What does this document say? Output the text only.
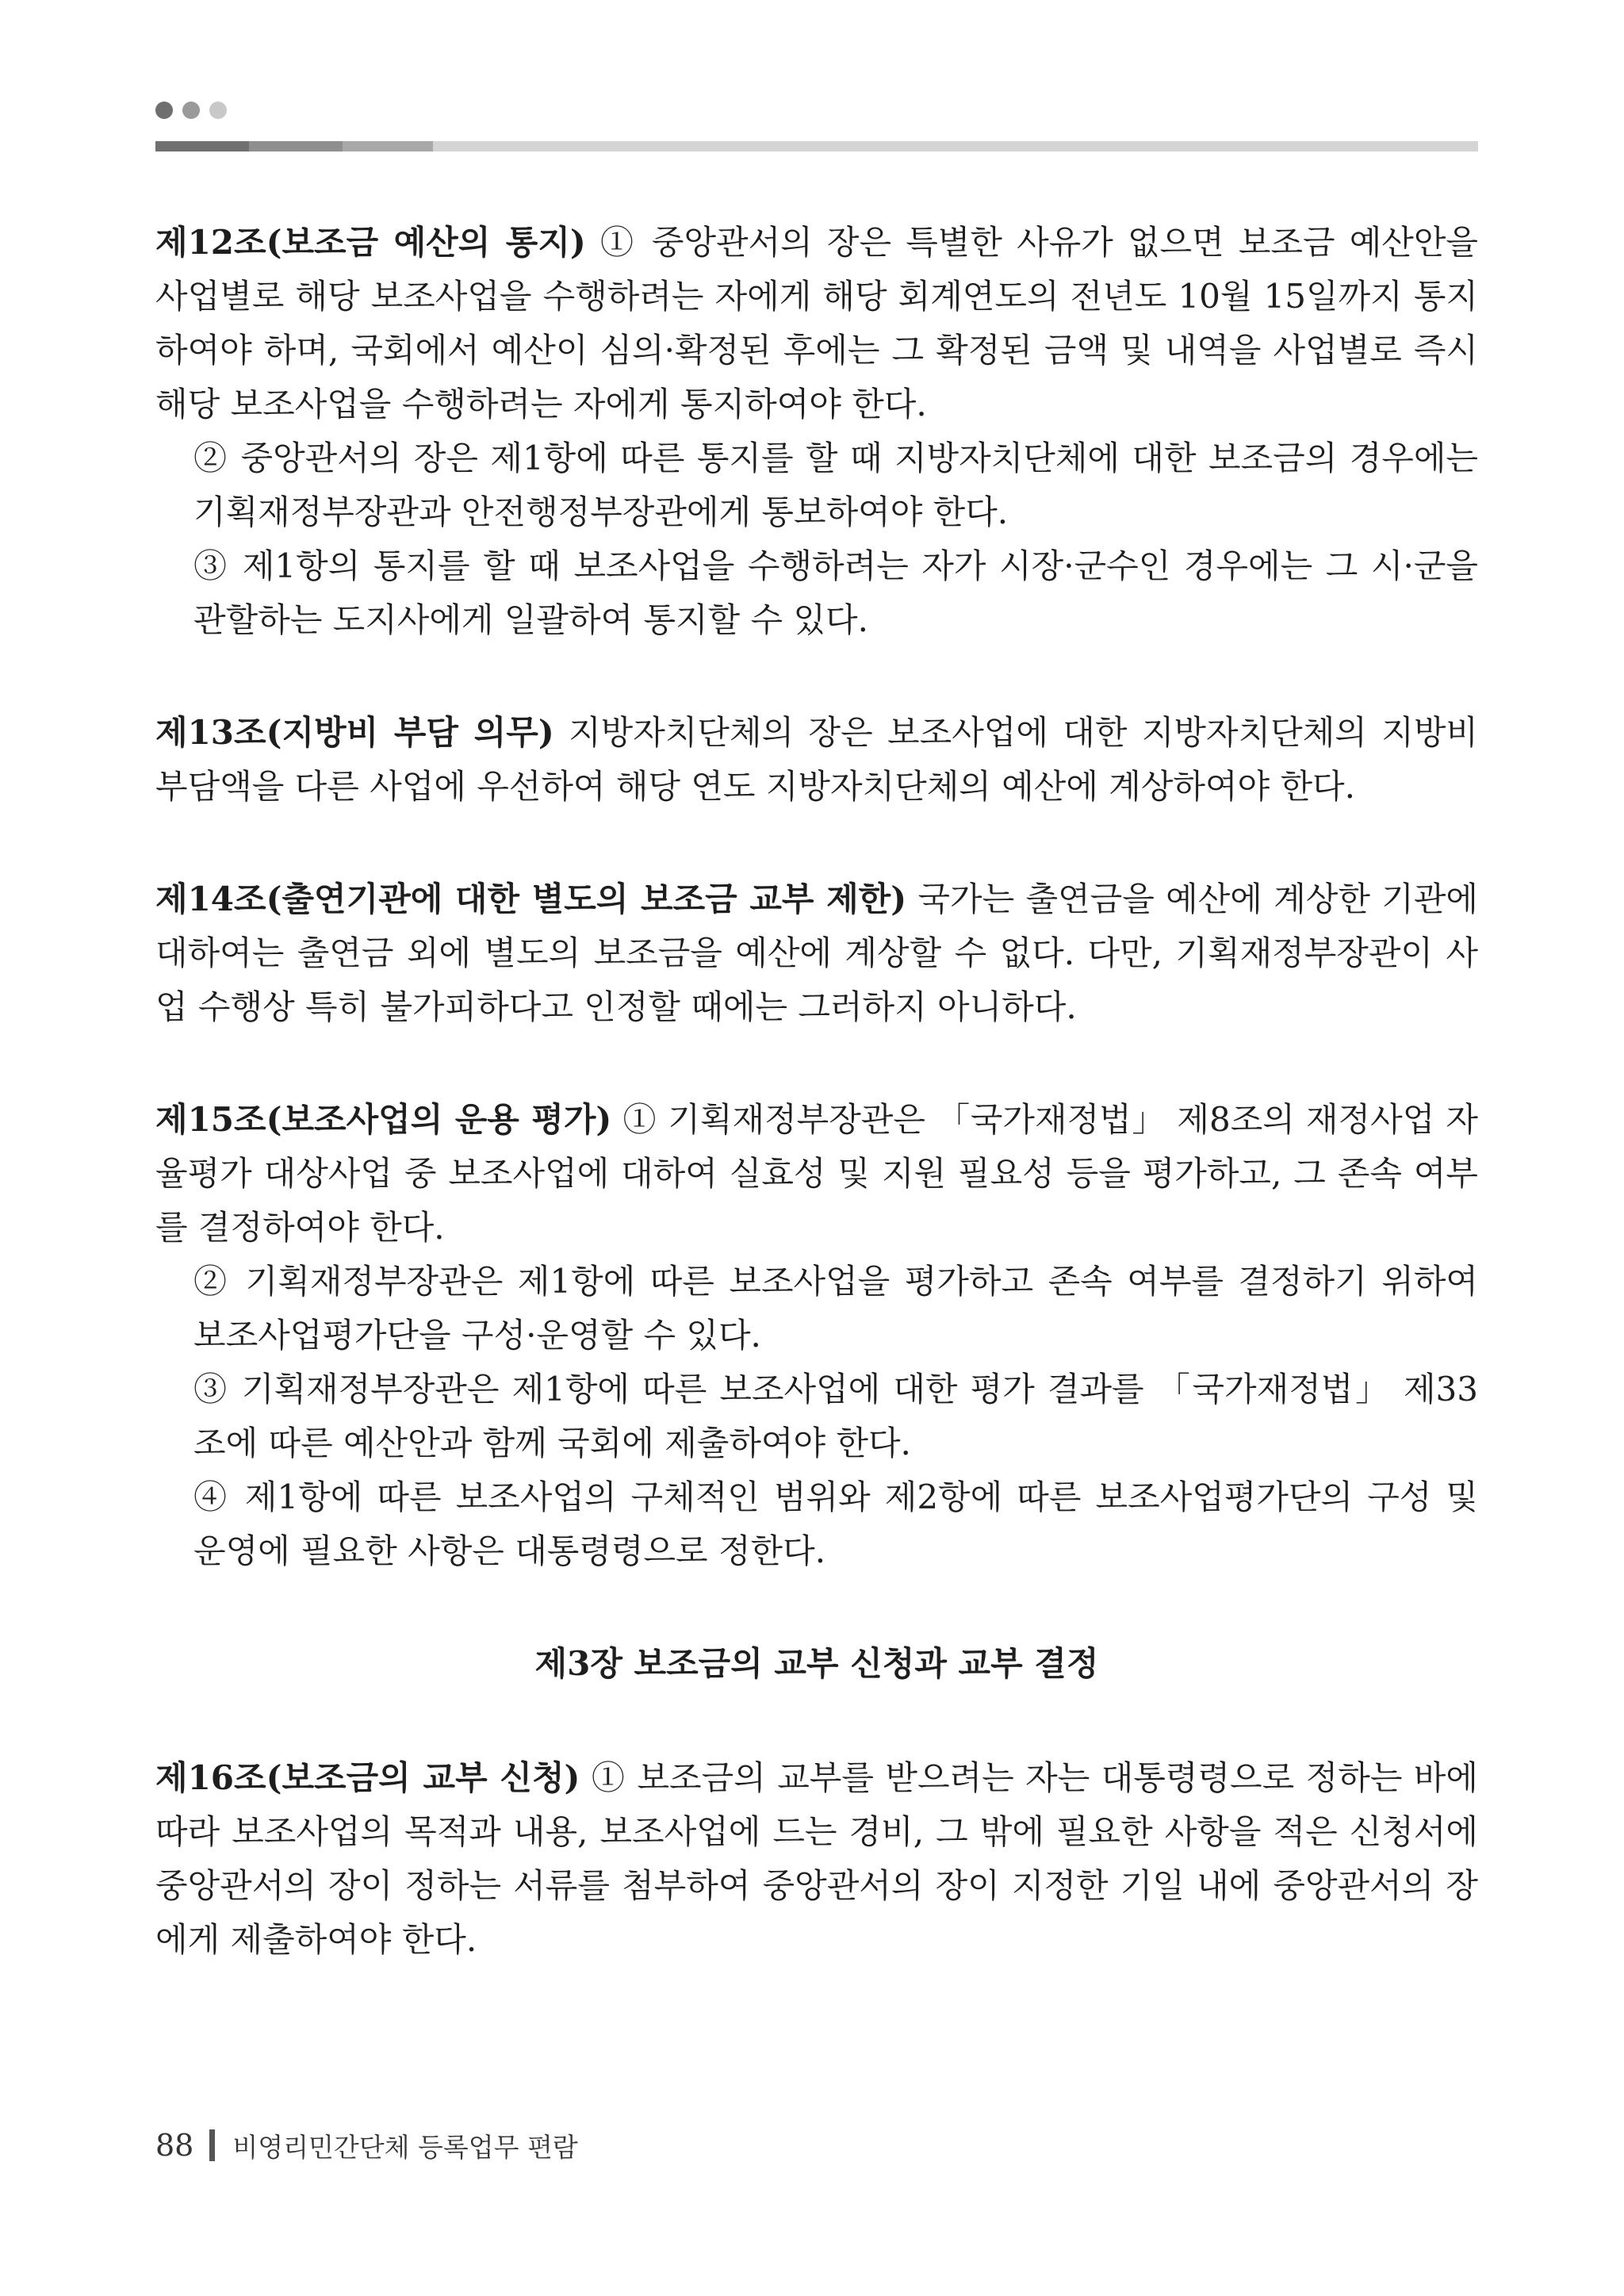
제12조(보조금 예산의 통지) ① 중앙관서의 장은 특별한 사유가 없으면 보조금 예산안을 사업별로 해당 보조사업을 수행하려는 자에게 해당 회계연도의 전년도 10월 15일까지 통지하여야 하며, 국회에서 예산이 심의·확정된 후에는 그 확정된 금액 및 내역을 사업별로 즉시 해당 보조사업을 수행하려는 자에게 통지하여야 한다.

② 중앙관서의 장은 제1항에 따른 통지를 할 때 지방자치단체에 대한 보조금의 경우에는 기획재정부장관과 안전행정부장관에게 통보하여야 한다.

③ 제1항의 통지를 할 때 보조사업을 수행하려는 자가 시장·군수인 경우에는 그 시·군을 관할하는 도지사에게 일괄하여 통지할 수 있다.

제13조(지방비 부담 의무) 지방자치단체의 장은 보조사업에 대한 지방자치단체의 지방비 부담액을 다른 사업에 우선하여 해당 연도 지방자치단체의 예산에 계상하여야 한다.

제14조(출연기관에 대한 별도의 보조금 교부 제한) 국가는 출연금을 예산에 계상한 기관에 대하여는 출연금 외에 별도의 보조금을 예산에 계상할 수 없다. 다만, 기획재정부장관이 사업 수행상 특히 불가피하다고 인정할 때에는 그러하지 아니하다.

제15조(보조사업의 운용 평가) ① 기획재정부장관은 「국가재정법」 제8조의 재정사업 자율평가 대상사업 중 보조사업에 대하여 실효성 및 지원 필요성 등을 평가하고, 그 존속 여부를 결정하여야 한다.

② 기획재정부장관은 제1항에 따른 보조사업을 평가하고 존속 여부를 결정하기 위하여 보조사업평가단을 구성·운영할 수 있다.

③ 기획재정부장관은 제1항에 따른 보조사업에 대한 평가 결과를 「국가재정법」 제33조에 따른 예산안과 함께 국회에 제출하여야 한다.

④ 제1항에 따른 보조사업의 구체적인 범위와 제2항에 따른 보조사업평가단의 구성 및 운영에 필요한 사항은 대통령령으로 정한다.

제3장 보조금의 교부 신청과 교부 결정

제16조(보조금의 교부 신청) ① 보조금의 교부를 받으려는 자는 대통령령으로 정하는 바에 따라 보조사업의 목적과 내용, 보조사업에 드는 경비, 그 밖에 필요한 사항을 적은 신청서에 중앙관서의 장이 정하는 서류를 첨부하여 중앙관서의 장이 지정한 기일 내에 중앙관서의 장에게 제출하여야 한다.

88 비영리민간단체 등록업무 편람
